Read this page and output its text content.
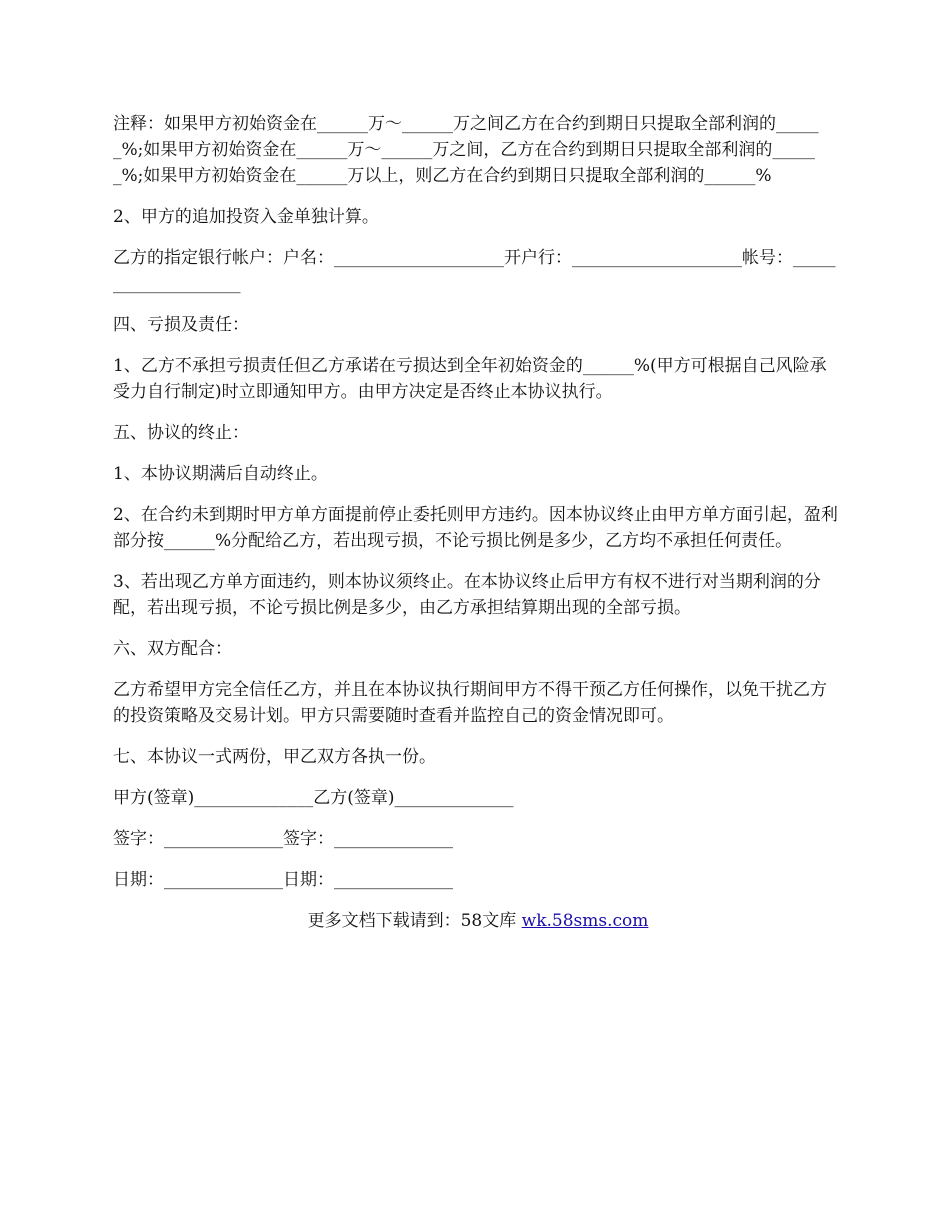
注释：如果甲方初始资金在______万～______万之间乙方在合约到期日只提取全部利润的______%;如果甲方初始资金在______万～______万之间，乙方在合约到期日只提取全部利润的______%;如果甲方初始资金在______万以上，则乙方在合约到期日只提取全部利润的______%

2、甲方的追加投资入金单独计算。

乙方的指定银行帐户：户名：____________________开户行：____________________帐号：____________________

四、亏损及责任：

1、乙方不承担亏损责任但乙方承诺在亏损达到全年初始资金的______%(甲方可根据自己风险承受力自行制定)时立即通知甲方。由甲方决定是否终止本协议执行。

五、协议的终止：

1、本协议期满后自动终止。

2、在合约未到期时甲方单方面提前停止委托则甲方违约。因本协议终止由甲方单方面引起，盈利部分按______%分配给乙方，若出现亏损，不论亏损比例是多少，乙方均不承担任何责任。

3、若出现乙方单方面违约，则本协议须终止。在本协议终止后甲方有权不进行对当期利润的分配，若出现亏损，不论亏损比例是多少，由乙方承担结算期出现的全部亏损。

六、双方配合：

乙方希望甲方完全信任乙方，并且在本协议执行期间甲方不得干预乙方任何操作，以免干扰乙方的投资策略及交易计划。甲方只需要随时查看并监控自己的资金情况即可。

七、本协议一式两份，甲乙双方各执一份。

甲方(签章)______________乙方(签章)______________

签字：______________签字：______________

日期：______________日期：______________

更多文档下载请到：58文库 wk.58sms.com
